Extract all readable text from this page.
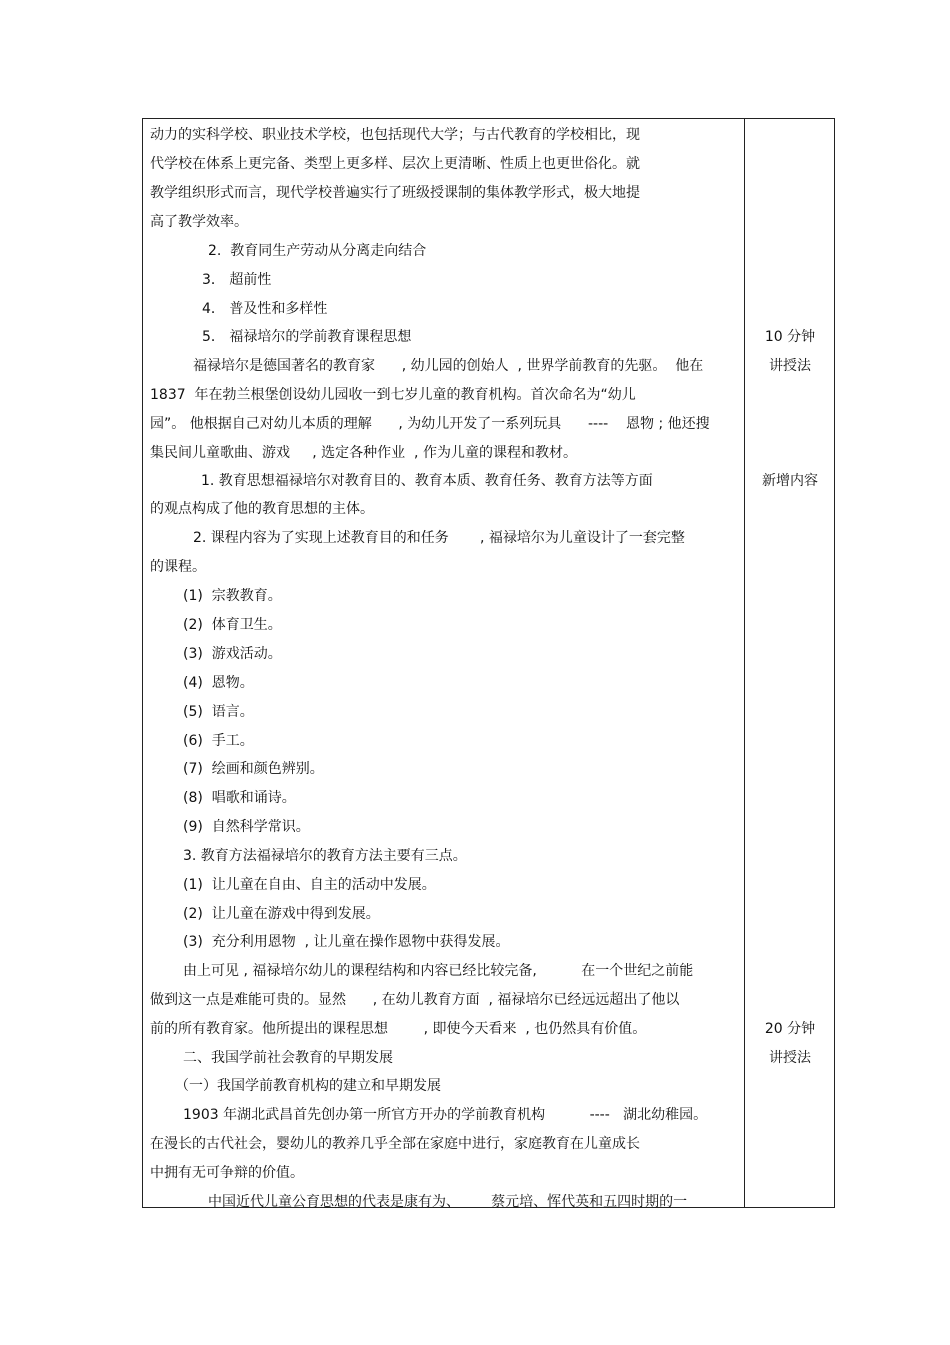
动力的实科学校、职业技术学校，也包括现代大学；与古代教育的学校相比，现
代学校在体系上更完备、类型上更多样、层次上更清晰、性质上也更世俗化。就
教学组织形式而言，现代学校普遍实行了班级授课制的集体教学形式，极大地提
高了教学效率。
2.  教育同生产劳动从分离走向结合
3． 超前性
4． 普及性和多样性
5． 福禄培尔的学前教育课程思想
福禄培尔是德国著名的教育家      , 幼儿园的创始人  , 世界学前教育的先驱。  他在
1837  年在勃兰根堡创设幼儿园收一到七岁儿童的教育机构。首次命名为“幼儿
园”。 他根据自己对幼儿本质的理解      , 为幼儿开发了一系列玩具      ----    恩物 ; 他还搜
集民间儿童歌曲、游戏     , 选定各种作业  , 作为儿童的课程和教材。
1. 教育思想福禄培尔对教育目的、教育本质、教育任务、教育方法等方面
的观点构成了他的教育思想的主体。
2. 课程内容为了实现上述教育目的和任务       , 福禄培尔为儿童设计了一套完整
的课程。
(1)  宗教教育。
(2)  体育卫生。
(3)  游戏活动。
(4)  恩物。
(5)  语言。
(6)  手工。
(7)  绘画和颜色辨别。
(8)  唱歌和诵诗。
(9)  自然科学常识。
3. 教育方法福禄培尔的教育方法主要有三点。
(1)  让儿童在自由、自主的活动中发展。
(2)  让儿童在游戏中得到发展。
(3)  充分利用恩物  , 让儿童在操作恩物中获得发展。
由上可见 , 福禄培尔幼儿的课程结构和内容已经比较完备,          在一个世纪之前能
做到这一点是难能可贵的。显然      , 在幼儿教育方面  , 福禄培尔已经远远超出了他以
前的所有教育家。他所提出的课程思想        , 即使今天看来  , 也仍然具有价值。
二、我国学前社会教育的早期发展
（一）我国学前教育机构的建立和早期发展
1903 年湖北武昌首先创办第一所官方开办的学前教育机构          ----   湖北幼稚园。
在漫长的古代社会，婴幼儿的教养几乎全部在家庭中进行，家庭教育在儿童成长
中拥有无可争辩的价值。
中国近代儿童公育思想的代表是康有为、       蔡元培、恽代英和五四时期的一
10 分钟
讲授法
新增内容
20 分钟
讲授法
